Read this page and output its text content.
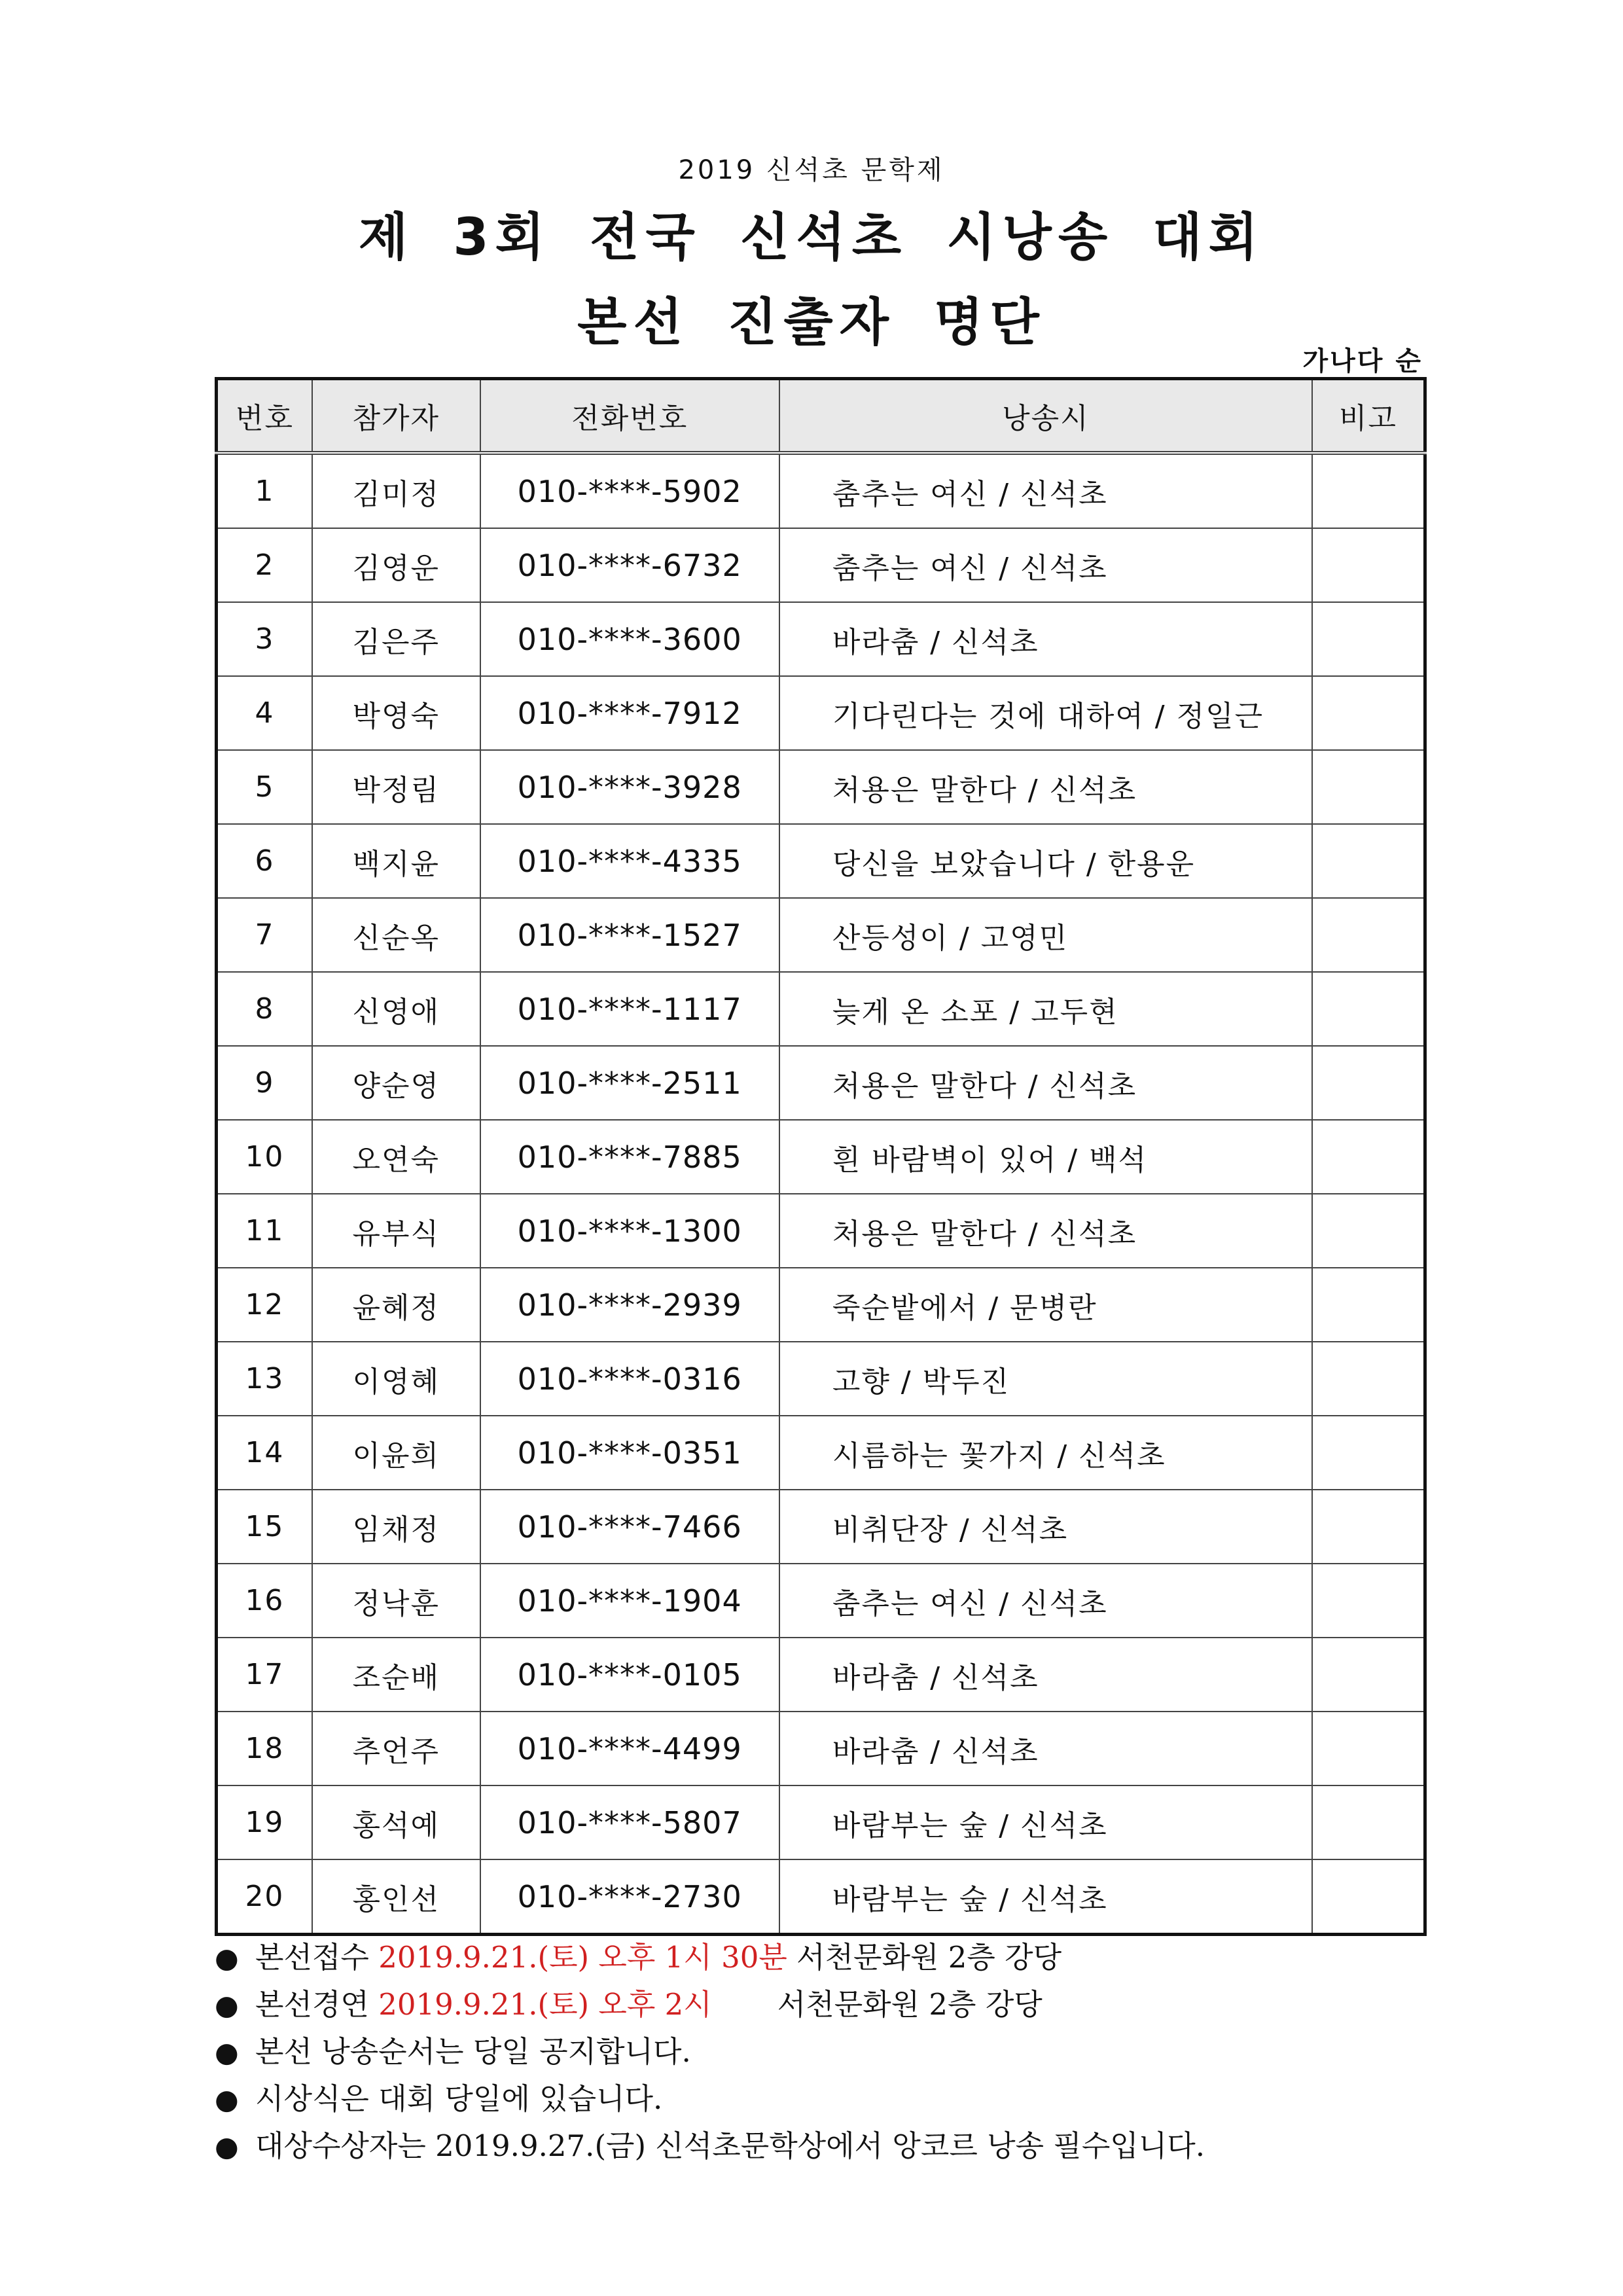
2019 신석초 문학제
제 3회 전국 신석초 시낭송 대회
본선 진출자 명단
가나다 순
번호	참가자	전화번호	낭송시	비고
1	김미정	010-****-5902	춤추는 여신 / 신석초	
2	김영운	010-****-6732	춤추는 여신 / 신석초	
3	김은주	010-****-3600	바라춤 / 신석초	
4	박영숙	010-****-7912	기다린다는 것에 대하여 / 정일근	
5	박정림	010-****-3928	처용은 말한다 / 신석초	
6	백지윤	010-****-4335	당신을 보았습니다 / 한용운	
7	신순옥	010-****-1527	산등성이 / 고영민	
8	신영애	010-****-1117	늦게 온 소포 / 고두현	
9	양순영	010-****-2511	처용은 말한다 / 신석초	
10	오연숙	010-****-7885	흰 바람벽이 있어 / 백석	
11	유부식	010-****-1300	처용은 말한다 / 신석초	
12	윤혜정	010-****-2939	죽순밭에서 / 문병란	
13	이영혜	010-****-0316	고향 / 박두진	
14	이윤희	010-****-0351	시름하는 꽃가지 / 신석초	
15	임채정	010-****-7466	비취단장 / 신석초	
16	정낙훈	010-****-1904	춤추는 여신 / 신석초	
17	조순배	010-****-0105	바라춤 / 신석초	
18	추언주	010-****-4499	바라춤 / 신석초	
19	홍석예	010-****-5807	바람부는 숲 / 신석초	
20	홍인선	010-****-2730	바람부는 숲 / 신석초	
● 본선접수 2019.9.21.(토) 오후 1시 30분 서천문화원 2층 강당
● 본선경연 2019.9.21.(토) 오후 2시 서천문화원 2층 강당
● 본선 낭송순서는 당일 공지합니다.
● 시상식은 대회 당일에 있습니다.
● 대상수상자는 2019.9.27.(금) 신석초문학상에서 앙코르 낭송 필수입니다.
